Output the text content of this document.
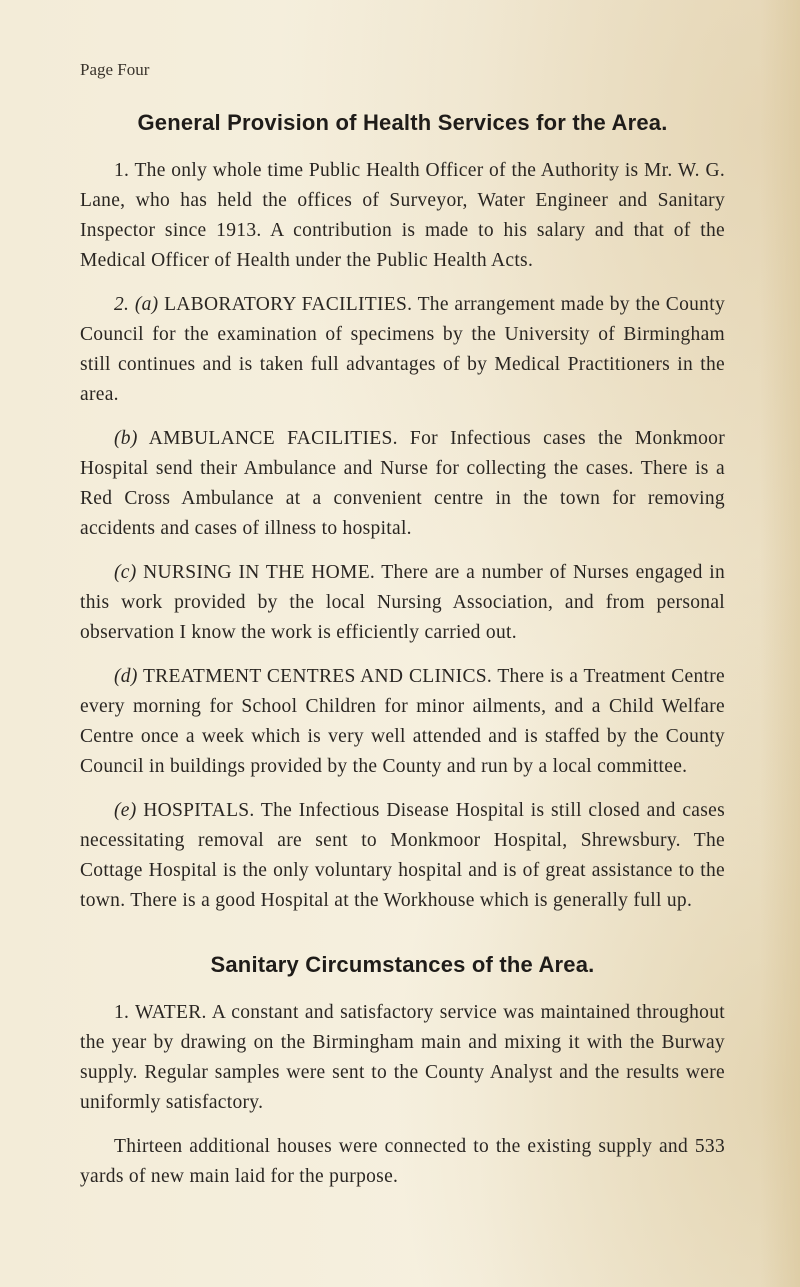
Page Four
General Provision of Health Services for the Area.

1. The only whole time Public Health Officer of the Authority is Mr. W. G. Lane, who has held the offices of Surveyor, Water Engineer and Sanitary Inspector since 1913. A contribution is made to his salary and that of the Medical Officer of Health under the Public Health Acts.

2. (a) LABORATORY FACILITIES. The arrangement made by the County Council for the examination of specimens by the University of Birmingham still continues and is taken full advantages of by Medical Practitioners in the area.

(b) AMBULANCE FACILITIES. For Infectious cases the Monkmoor Hospital send their Ambulance and Nurse for collecting the cases. There is a Red Cross Ambulance at a convenient centre in the town for removing accidents and cases of illness to hospital.

(c) NURSING IN THE HOME. There are a number of Nurses engaged in this work provided by the local Nursing Association, and from personal observation I know the work is efficiently carried out.

(d) TREATMENT CENTRES AND CLINICS. There is a Treatment Centre every morning for School Children for minor ailments, and a Child Welfare Centre once a week which is very well attended and is staffed by the County Council in buildings provided by the County and run by a local committee.

(e) HOSPITALS. The Infectious Disease Hospital is still closed and cases necessitating removal are sent to Monkmoor Hospital, Shrewsbury. The Cottage Hospital is the only voluntary hospital and is of great assistance to the town. There is a good Hospital at the Workhouse which is generally full up.

Sanitary Circumstances of the Area.

1. WATER. A constant and satisfactory service was maintained throughout the year by drawing on the Birmingham main and mixing it with the Burway supply. Regular samples were sent to the County Analyst and the results were uniformly satisfactory.

Thirteen additional houses were connected to the existing supply and 533 yards of new main laid for the purpose.
